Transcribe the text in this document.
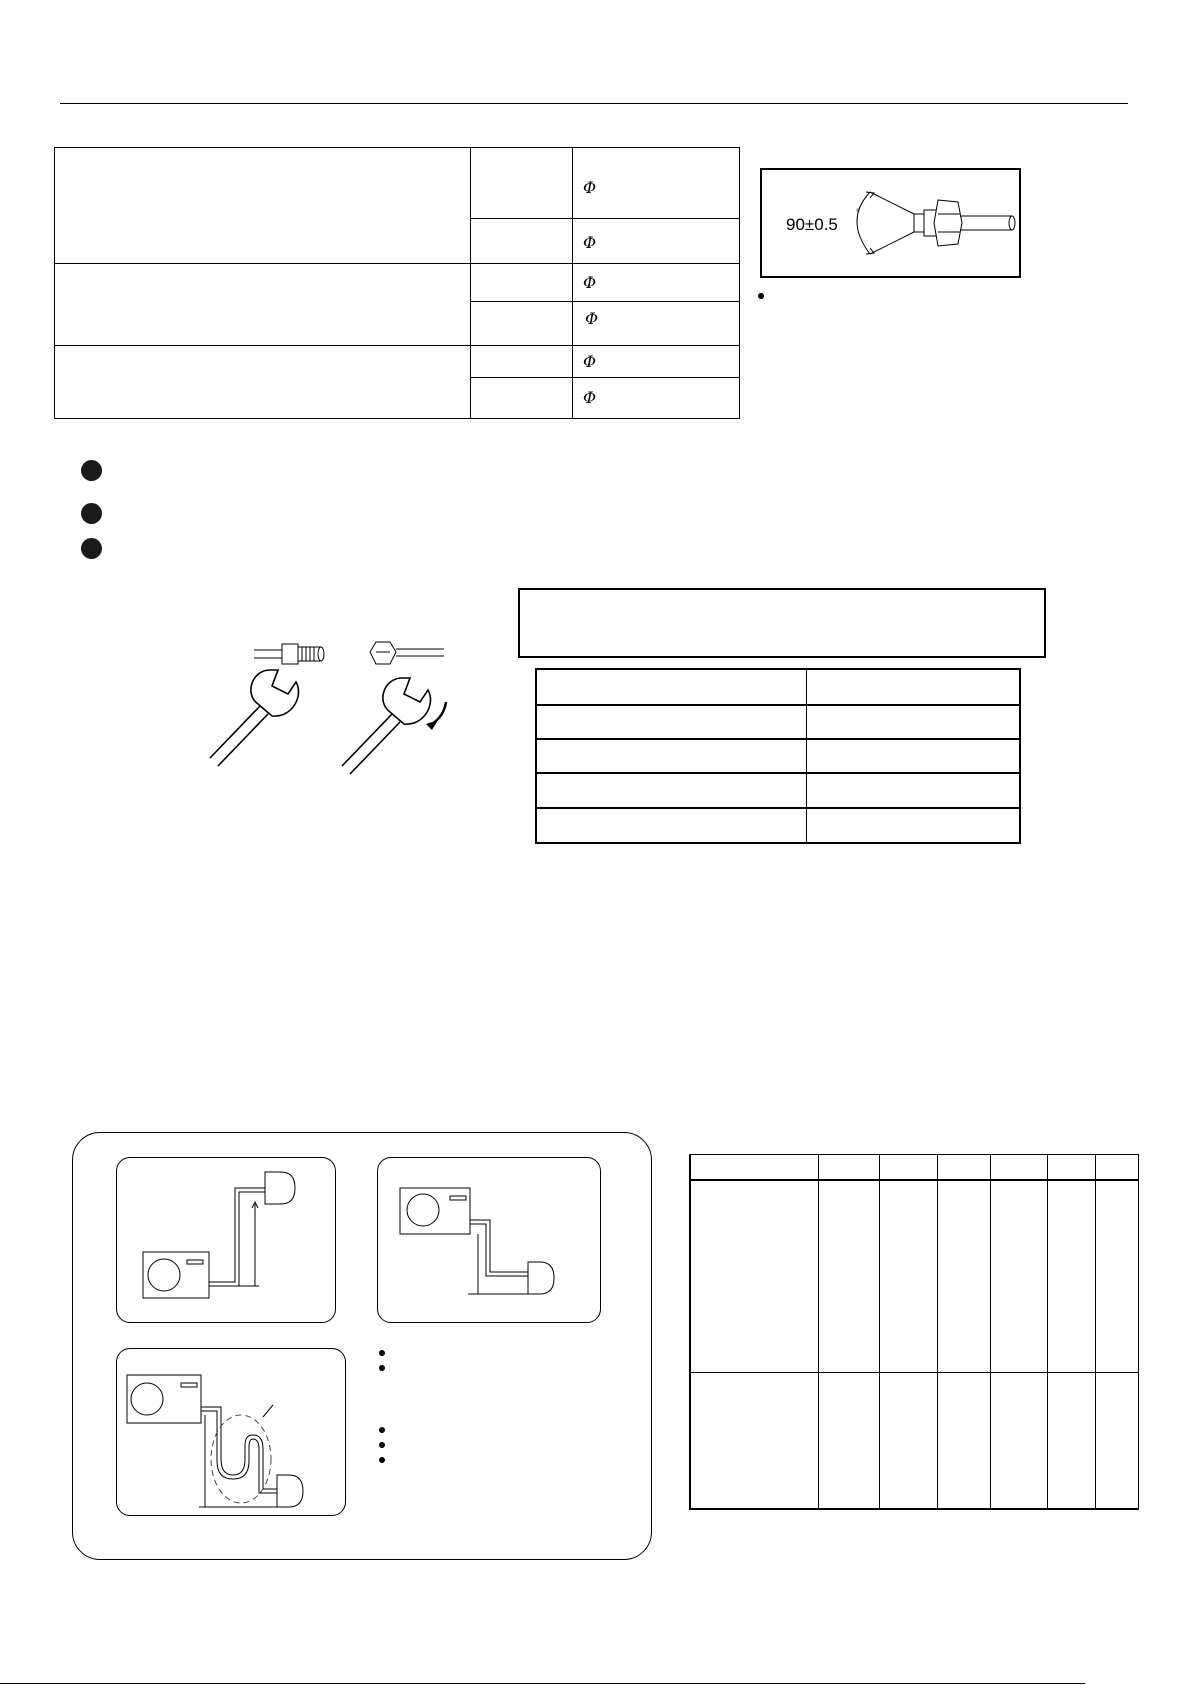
Φ
Φ
Φ
Φ
Φ
Φ
90±0.5
°
